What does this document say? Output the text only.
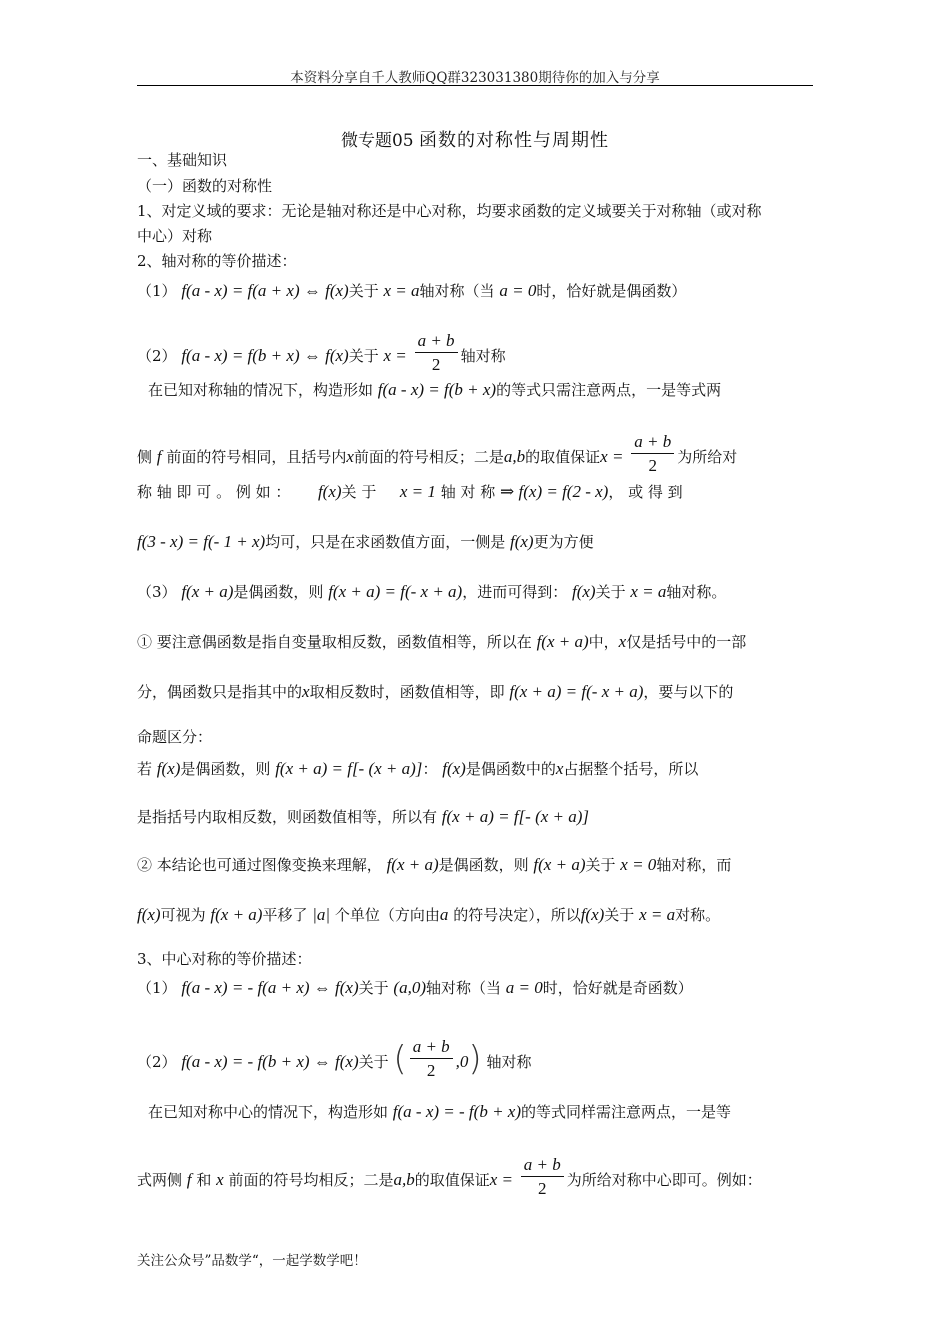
本资料分享自千人教师QQ群323031380期待你的加入与分享
微专题05 函数的对称性与周期性
一、基础知识
（一）函数的对称性
1、对定义域的要求：无论是轴对称还是中心对称，均要求函数的定义域要关于对称轴（或对称
中心）对称
2、轴对称的等价描述：
（1） f(a - x) = f(a + x) ⇔ f(x)关于 x = a轴对称（当 a = 0时，恰好就是偶函数）
（2） f(a - x) = f(b + x) ⇔ f(x)关于 $x = \frac{a + b}{2}$ 轴对称
在已知对称轴的情况下，构造形如 f(a - x) = f(b + x)的等式只需注意两点，一是等式两
侧 f 前面的符号相同，且括号内x前面的符号相反；二是a,b的取值保证$x = \frac{a + b}{2}$ 为所给对
称 轴 即 可 。 例 如 ： f(x)关 于 x = 1 轴 对 称 ⇒ f(x) = f(2 - x)， 或 得 到
f(3 - x) = f(- 1 + x)均可，只是在求函数值方面，一侧是 f(x)更为方便
（3） f(x + a)是偶函数，则 f(x + a) = f(- x + a)，进而可得到： f(x)关于 x = a轴对称。
① 要注意偶函数是指自变量取相反数，函数值相等，所以在 f(x + a)中，x仅是括号中的一部
分，偶函数只是指其中的x取相反数时，函数值相等，即 f(x + a) = f(- x + a)，要与以下的
命题区分：
若 f(x)是偶函数，则 f(x + a) = f[- (x + a)]： f(x)是偶函数中的x占据整个括号，所以
是指括号内取相反数，则函数值相等，所以有 f(x + a) = f[- (x + a)]
② 本结论也可通过图像变换来理解， f(x + a)是偶函数，则 f(x + a)关于 x = 0轴对称，而
f(x)可视为 f(x + a)平移了 |a| 个单位（方向由a 的符号决定），所以f(x)关于 x = a对称。
3、中心对称的等价描述：
（1） f(a - x) = - f(a + x) ⇔ f(x)关于 (a,0)轴对称（当 a = 0时，恰好就是奇函数）
（2） f(a - x) = - f(b + x) ⇔ f(x)关于 ( $\frac{a + b}{2} ,0$) 轴对称
在已知对称中心的情况下，构造形如 f(a - x) = - f(b + x)的等式同样需注意两点，一是等
式两侧 f 和 x 前面的符号均相反；二是a,b的取值保证$x = \frac{a + b}{2}$ 为所给对称中心即可。例如：
关注公众号”品数学“，一起学数学吧！
